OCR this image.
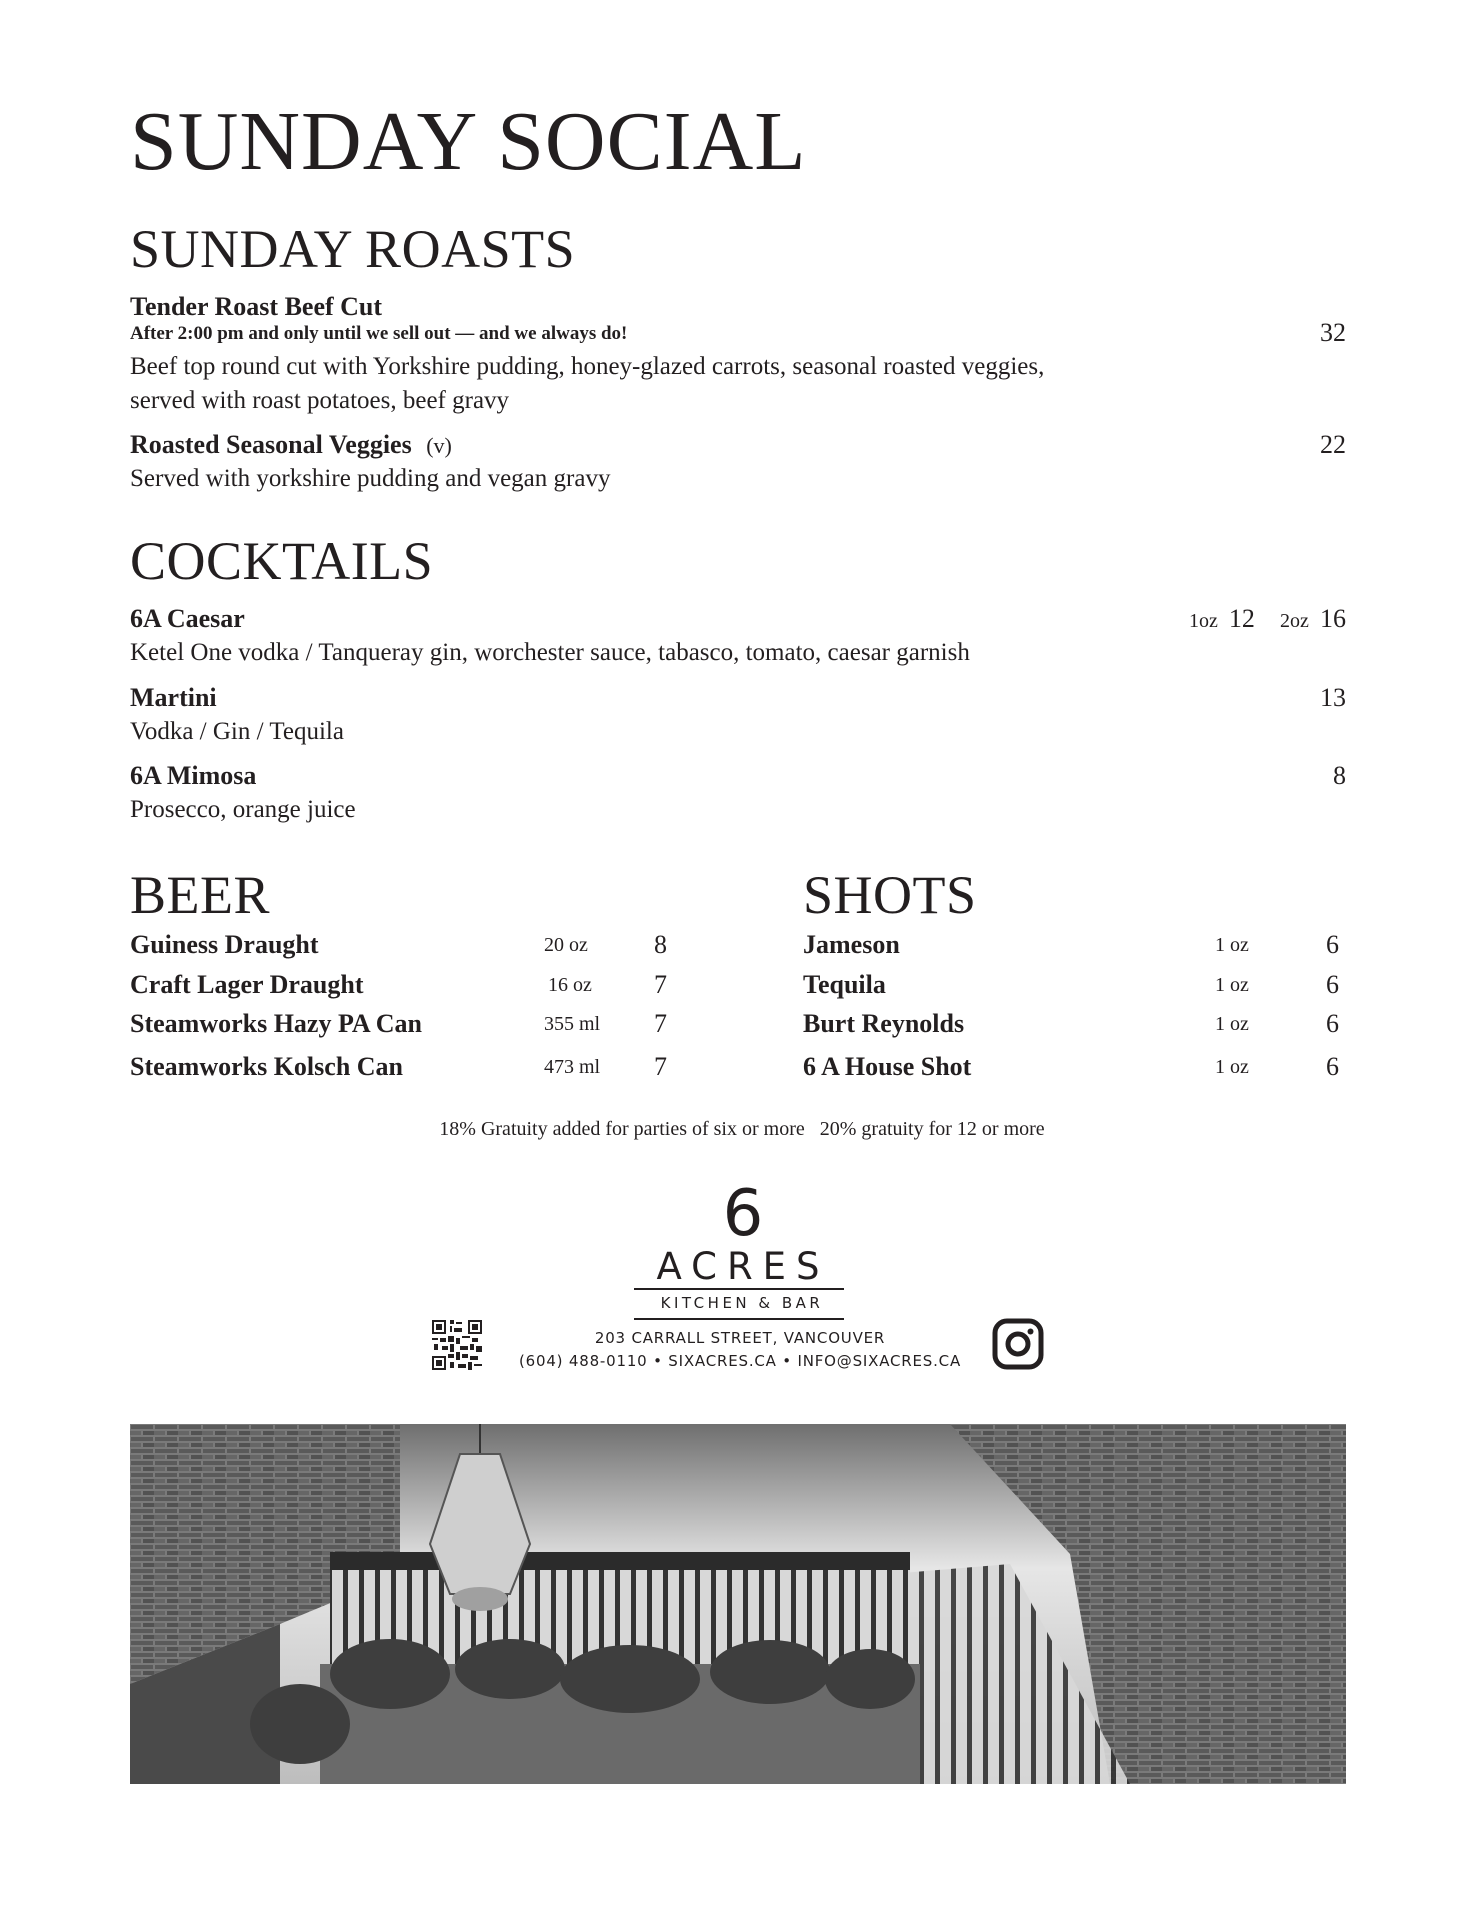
SUNDAY SOCIAL
SUNDAY ROASTS
Tender Roast Beef Cut
After 2:00 pm and only until we sell out — and we always do!	32
Beef top round cut with Yorkshire pudding, honey-glazed carrots, seasonal roasted veggies,
served with roast potatoes, beef gravy
Roasted Seasonal Veggies (v)	22
Served with yorkshire pudding and vegan gravy
COCKTAILS
6A Caesar	1oz 12 2oz 16
Ketel One vodka / Tanqueray gin, worchester sauce, tabasco, tomato, caesar garnish
Martini	13
Vodka / Gin / Tequila
6A Mimosa	8
Prosecco, orange juice
BEER
Guiness Draught	20 oz	8
Craft Lager Draught	16 oz 7
Steamworks Hazy PA Can	355 ml 7
Steamworks Kolsch Can	473 ml 7
SHOTS
Jameson	1 oz	6
Tequila	1 oz	6
Burt Reynolds	1 oz	6
6 A House Shot	1 oz	6
18% Gratuity added for parties of six or more   20% gratuity for 12 or more
6
ACRES
KITCHEN & BAR
203 CARRALL STREET, VANCOUVER
(604) 488-0110 • SIXACRES.CA • INFO@SIXACRES.CA
